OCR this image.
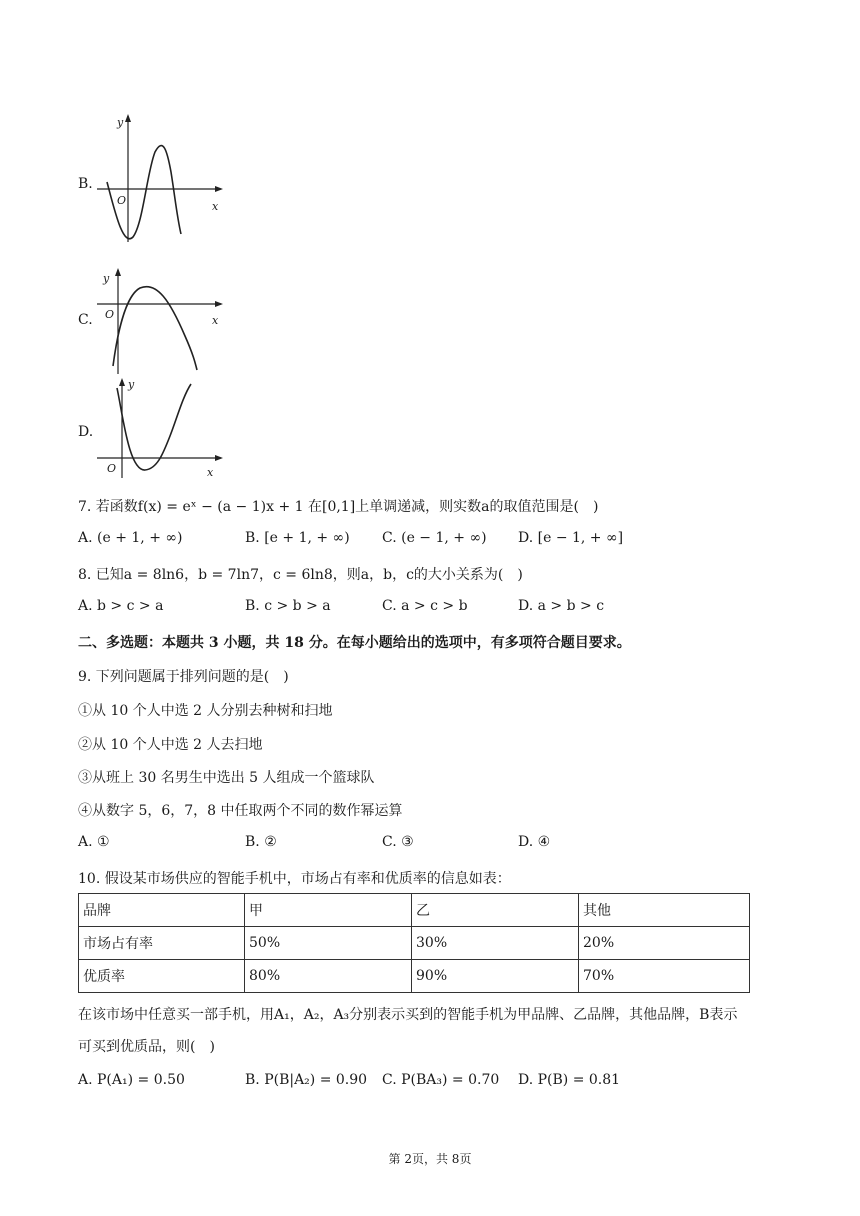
B.
y
x
O
C.
y
x
O
D.
y
x
O
7. 若函数f(x) = eˣ − (a − 1)x + 1 在[0,1]上单调递减，则实数a的取值范围是(　)
A. (e + 1, + ∞)	B. [e + 1, + ∞) C. (e − 1, + ∞) D. [e − 1, + ∞]
8. 已知a = 8ln6，b = 7ln7，c = 6ln8，则a，b，c的大小关系为(　)
A. b > c > a	B. c > b > a	C. a > c > b	D. a > b > c
二、多选题：本题共 3 小题，共 18 分。在每小题给出的选项中，有多项符合题目要求。
9. 下列问题属于排列问题的是(　)
①从 10 个人中选 2 人分别去种树和扫地
②从 10 个人中选 2 人去扫地
③从班上 30 名男生中选出 5 人组成一个篮球队
④从数字 5，6，7，8 中任取两个不同的数作幂运算
A. ①	B. ②	C. ③	D. ④
10. 假设某市场供应的智能手机中，市场占有率和优质率的信息如表：
品牌	甲	乙	其他
市场占有率	50%	30%	20%
优质率	80%	90%	70%
在该市场中任意买一部手机，用A₁，A₂，A₃分别表示买到的智能手机为甲品牌、乙品牌，其他品牌，B表示
可买到优质品，则(　)
A. P(A₁) = 0.50	B. P(B|A₂) = 0.90 C. P(BA₃) = 0.70 D. P(B) = 0.81
第 2页，共 8页
